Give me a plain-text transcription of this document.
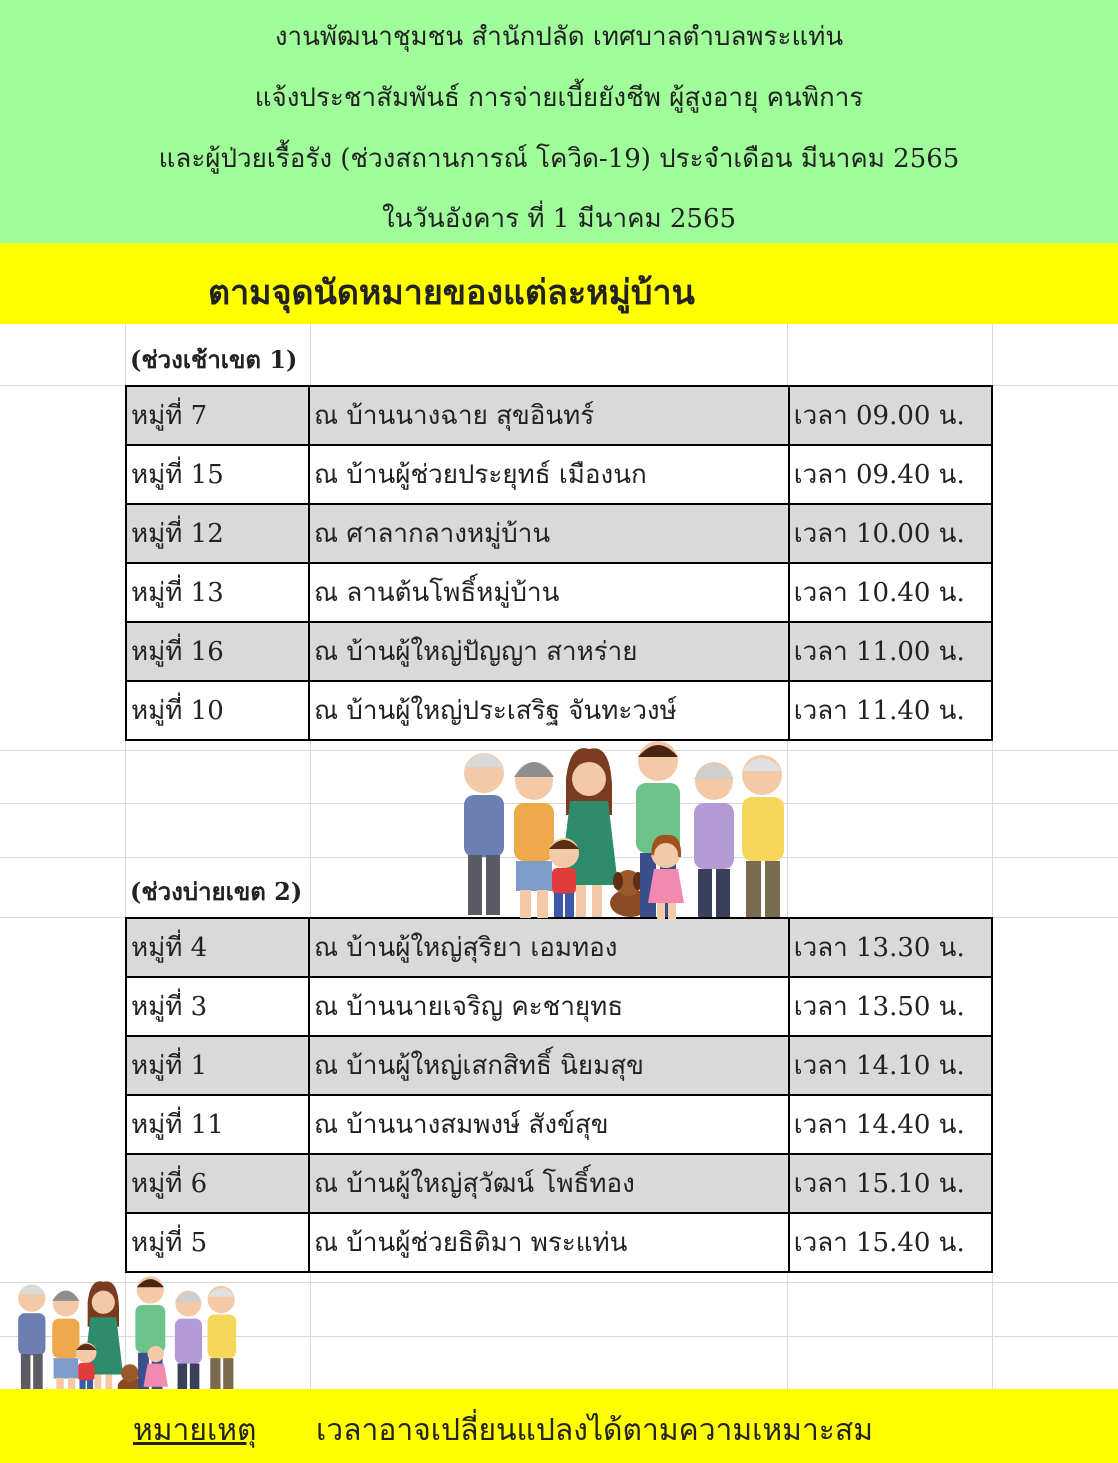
งานพัฒนาชุมชน สำนักปลัด เทศบาลตำบลพระแท่น
แจ้งประชาสัมพันธ์ การจ่ายเบี้ยยังชีพ ผู้สูงอายุ คนพิการ
และผู้ป่วยเรื้อรัง (ช่วงสถานการณ์ โควิด-19) ประจำเดือน มีนาคม 2565
ในวันอังคาร ที่ 1 มีนาคม 2565
ตามจุดนัดหมายของแต่ละหมู่บ้าน
(ช่วงเช้าเขต 1)
หมู่ที่ 7	ณ บ้านนางฉาย สุขอินทร์	เวลา 09.00 น.
หมู่ที่ 15	ณ บ้านผู้ช่วยประยุทธ์ เมืองนก	เวลา 09.40 น.
หมู่ที่ 12	ณ ศาลากลางหมู่บ้าน	เวลา 10.00 น.
หมู่ที่ 13	ณ ลานต้นโพธิ์หมู่บ้าน	เวลา 10.40 น.
หมู่ที่ 16	ณ บ้านผู้ใหญ่ปัญญา สาหร่าย	เวลา 11.00 น.
หมู่ที่ 10	ณ บ้านผู้ใหญ่ประเสริฐ จันทะวงษ์	เวลา 11.40 น.
(ช่วงบ่ายเขต 2)
หมู่ที่ 4	ณ บ้านผู้ใหญ่สุริยา เอมทอง	เวลา 13.30 น.
หมู่ที่ 3	ณ บ้านนายเจริญ คะชายุทธ	เวลา 13.50 น.
หมู่ที่ 1	ณ บ้านผู้ใหญ่เสกสิทธิ์ นิยมสุข	เวลา 14.10 น.
หมู่ที่ 11	ณ บ้านนางสมพงษ์ สังข์สุข	เวลา 14.40 น.
หมู่ที่ 6	ณ บ้านผู้ใหญ่สุวัฒน์ โพธิ์ทอง	เวลา 15.10 น.
หมู่ที่ 5	ณ บ้านผู้ช่วยธิติมา พระแท่น	เวลา 15.40 น.
หมายเหตุ เวลาอาจเปลี่ยนแปลงได้ตามความเหมาะสม
